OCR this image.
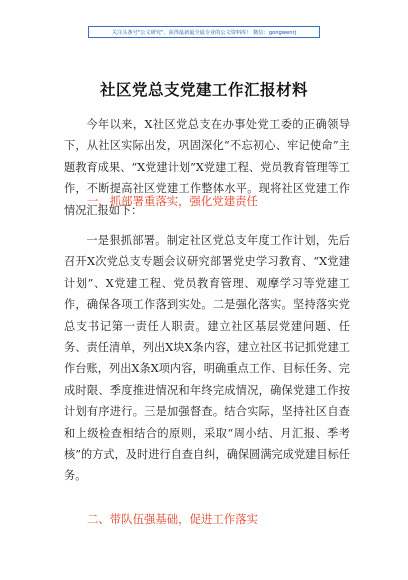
关注头条号"公文研究"，获得最新最全最专业的公文资料库！ 微信：gongwenrj
社区党总支党建工作汇报材料

今年以来，X社区党总支在办事处党工委的正确领导下，从社区实际出发，巩固深化“不忘初心、牢记使命”主题教育成果、“X党建计划”X党建工程、党员教育管理等工作，不断提高社区党建工作整体水平。现将社区党建工作情况汇报如下：

一、抓部署重落实，强化党建责任

一是狠抓部署。制定社区党总支年度工作计划，先后召开X次党总支专题会议研究部署党史学习教育、“X党建计划”、X党建工程、党员教育管理、观摩学习等党建工作，确保各项工作落到实处。二是强化落实。坚持落实党总支书记第一责任人职责。建立社区基层党建问题、任务、责任清单，列出X块X条内容，建立社区书记抓党建工作台账，列出X条X项内容，明确重点工作、目标任务、完成时限、季度推进情况和年终完成情况，确保党建工作按计划有序进行。三是加强督查。结合实际，坚持社区自查和上级检查相结合的原则，采取“周小结、月汇报、季考核”的方式，及时进行自查自纠，确保圆满完成党建目标任务。

二、带队伍强基础，促进工作落实
